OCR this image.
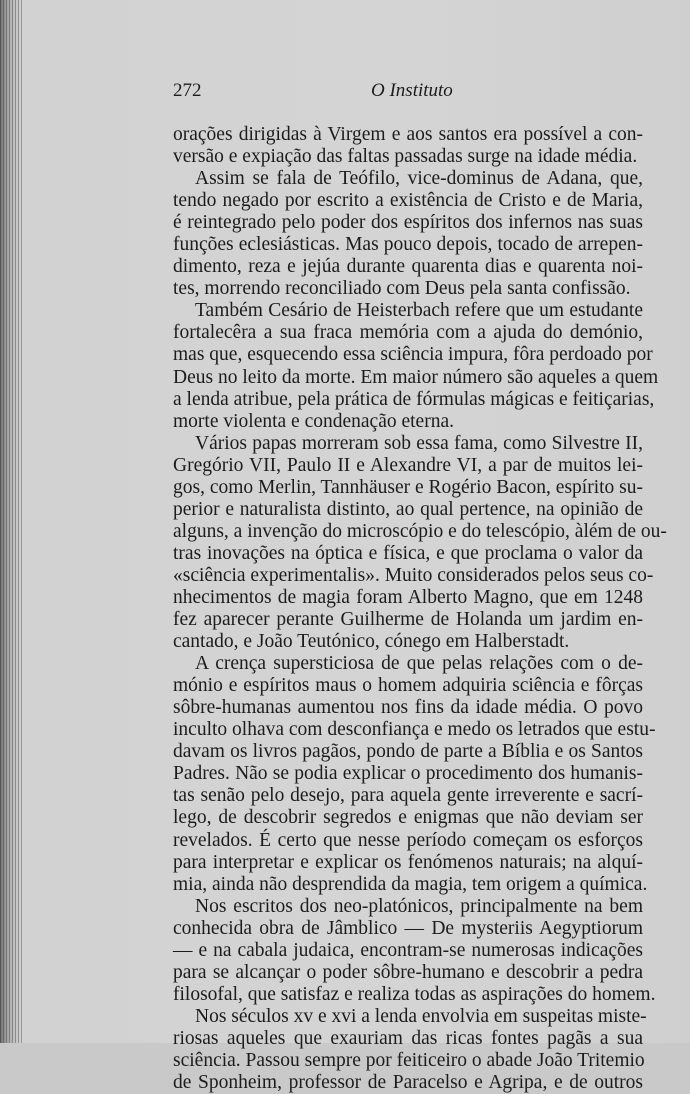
272	O Instituto
orações dirigidas à Virgem e aos santos era possível a con-
versão e expiação das faltas passadas surge na idade média.
Assim se fala de Teófilo, vice-dominus de Adana, que,
tendo negado por escrito a existência de Cristo e de Maria,
é reintegrado pelo poder dos espíritos dos infernos nas suas
funções eclesiásticas. Mas pouco depois, tocado de arrepen-
dimento, reza e jejúa durante quarenta dias e quarenta noi-
tes, morrendo reconciliado com Deus pela santa confissão.
Também Cesário de Heisterbach refere que um estudante
fortalecêra a sua fraca memória com a ajuda do demónio,
mas que, esquecendo essa sciência impura, fôra perdoado por
Deus no leito da morte. Em maior número são aqueles a quem
a lenda atribue, pela prática de fórmulas mágicas e feitiçarias,
morte violenta e condenação eterna.
Vários papas morreram sob essa fama, como Silvestre II,
Gregório VII, Paulo II e Alexandre VI, a par de muitos lei-
gos, como Merlin, Tannhäuser e Rogério Bacon, espírito su-
perior e naturalista distinto, ao qual pertence, na opinião de
alguns, a invenção do microscópio e do telescópio, àlém de ou-
tras inovações na óptica e física, e que proclama o valor da
«sciência experimentalis». Muito considerados pelos seus co-
nhecimentos de magia foram Alberto Magno, que em 1248
fez aparecer perante Guilherme de Holanda um jardim en-
cantado, e João Teutónico, cónego em Halberstadt.
A crença supersticiosa de que pelas relações com o de-
mónio e espíritos maus o homem adquiria sciência e fôrças
sôbre-humanas aumentou nos fins da idade média. O povo
inculto olhava com desconfiança e medo os letrados que estu-
davam os livros pagãos, pondo de parte a Bíblia e os Santos
Padres. Não se podia explicar o procedimento dos humanis-
tas senão pelo desejo, para aquela gente irreverente e sacrí-
lego, de descobrir segredos e enigmas que não deviam ser
revelados. É certo que nesse período começam os esforços
para interpretar e explicar os fenómenos naturais; na alquí-
mia, ainda não desprendida da magia, tem origem a química.
Nos escritos dos neo-platónicos, principalmente na bem
conhecida obra de Jâmblico — De mysteriis Aegyptiorum
— e na cabala judaica, encontram-se numerosas indicações
para se alcançar o poder sôbre-humano e descobrir a pedra
filosofal, que satisfaz e realiza todas as aspirações do homem.
Nos séculos xv e xvi a lenda envolvia em suspeitas miste-
riosas aqueles que exauriam das ricas fontes pagãs a sua
sciência. Passou sempre por feiticeiro o abade João Tritemio
de Sponheim, professor de Paracelso e Agripa, e de outros
